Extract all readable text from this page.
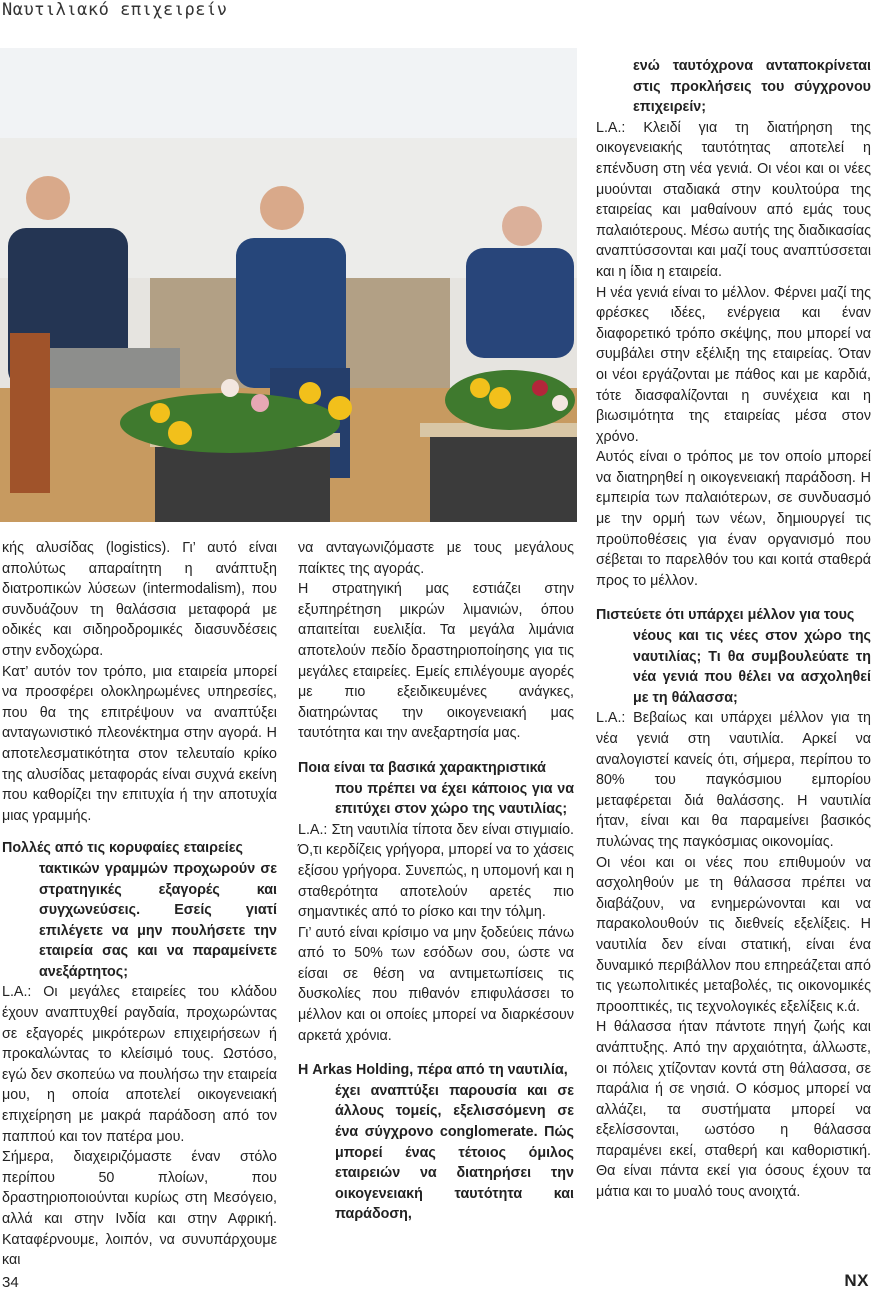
Ναυτιλιακό επιχειρείν

κής αλυσίδας (logistics). Γι’ αυτό είναι απολύτως απαραίτητη η ανάπτυξη διατροπικών λύσεων (intermodalism), που συνδυάζουν τη θαλάσσια μεταφορά με οδικές και σιδηροδρομικές διασυνδέσεις στην ενδοχώρα.

Κατ’ αυτόν τον τρόπο, μια εταιρεία μπορεί να προσφέρει ολοκληρωμένες υπηρεσίες, που θα της επιτρέψουν να αναπτύξει ανταγωνιστικό πλεονέκτημα στην αγορά. Η αποτελεσματικότητα στον τελευταίο κρίκο της αλυσίδας μεταφοράς είναι συχνά εκείνη που καθορίζει την επιτυχία ή την αποτυχία μιας γραμμής.

Πολλές από τις κορυφαίες εταιρείες
τακτικών γραμμών προχωρούν σε στρατηγικές εξαγορές και συγχωνεύσεις. Εσείς γιατί επιλέγετε να μην πουλήσετε την εταιρεία σας και να παραμείνετε ανεξάρτητος;

L.A.: Οι μεγάλες εταιρείες του κλάδου έχουν αναπτυχθεί ραγδαία, προχωρώντας σε εξαγορές μικρότερων επιχειρήσεων ή προκαλώντας το κλείσιμό τους. Ωστόσο, εγώ δεν σκοπεύω να πουλήσω την εταιρεία μου, η οποία αποτελεί οικογενειακή επιχείρηση με μακρά παράδοση από τον παππού και τον πατέρα μου.

Σήμερα, διαχειριζόμαστε έναν στόλο περίπου 50 πλοίων, που δραστηριοποιούνται κυρίως στη Μεσόγειο, αλλά και στην Ινδία και στην Αφρική. Καταφέρνουμε, λοιπόν, να συνυπάρχουμε και

να ανταγωνιζόμαστε με τους μεγάλους παίκτες της αγοράς.

Η στρατηγική μας εστιάζει στην εξυπηρέτηση μικρών λιμανιών, όπου απαιτείται ευελιξία. Τα μεγάλα λιμάνια αποτελούν πεδίο δραστηριοποίησης για τις μεγάλες εταιρείες. Εμείς επιλέγουμε αγορές με πιο εξειδικευμένες ανάγκες, διατηρώντας την οικογενειακή μας ταυτότητα και την ανεξαρτησία μας.

Ποια είναι τα βασικά χαρακτηριστικά
που πρέπει να έχει κάποιος για να επιτύχει στον χώρο της ναυτιλίας;

L.A.: Στη ναυτιλία τίποτα δεν είναι στιγμιαίο. Ό,τι κερδίζεις γρήγορα, μπορεί να το χάσεις εξίσου γρήγορα. Συνεπώς, η υπομονή και η σταθερότητα αποτελούν αρετές πιο σημαντικές από το ρίσκο και την τόλμη.

Γι’ αυτό είναι κρίσιμο να μην ξοδεύεις πάνω από το 50% των εσόδων σου, ώστε να είσαι σε θέση να αντιμετωπίσεις τις δυσκολίες που πιθανόν επιφυλάσσει το μέλλον και οι οποίες μπορεί να διαρκέσουν αρκετά χρόνια.

Η Arkas Holding, πέρα από τη ναυτιλία,
έχει αναπτύξει παρουσία και σε άλλους τομείς, εξελισσόμενη σε ένα σύγχρονο conglomerate. Πώς μπορεί ένας τέτοιος όμιλος εταιρειών να διατηρήσει την οικογενειακή ταυτότητα και παράδοση,

ενώ ταυτόχρονα ανταποκρίνεται στις προκλήσεις του σύγχρονου επιχειρείν;

L.A.: Κλειδί για τη διατήρηση της οικογενειακής ταυτότητας αποτελεί η επένδυση στη νέα γενιά. Οι νέοι και οι νέες μυούνται σταδιακά στην κουλτούρα της εταιρείας και μαθαίνουν από εμάς τους παλαιότερους. Μέσω αυτής της διαδικασίας αναπτύσσονται και μαζί τους αναπτύσσεται και η ίδια η εταιρεία.

Η νέα γενιά είναι το μέλλον. Φέρνει μαζί της φρέσκες ιδέες, ενέργεια και έναν διαφορετικό τρόπο σκέψης, που μπορεί να συμβάλει στην εξέλιξη της εταιρείας. Όταν οι νέοι εργάζονται με πάθος και με καρδιά, τότε διασφαλίζονται η συνέχεια και η βιωσιμότητα της εταιρείας μέσα στον χρόνο.

Αυτός είναι ο τρόπος με τον οποίο μπορεί να διατηρηθεί η οικογενειακή παράδοση. Η εμπειρία των παλαιότερων, σε συνδυασμό με την ορμή των νέων, δημιουργεί τις προϋποθέσεις για έναν οργανισμό που σέβεται το παρελθόν του και κοιτά σταθερά προς το μέλλον.

Πιστεύετε ότι υπάρχει μέλλον για τους
νέους και τις νέες στον χώρο της ναυτιλίας; Τι θα συμβουλεύατε τη νέα γενιά που θέλει να ασχοληθεί με τη θάλασσα;

L.A.: Βεβαίως και υπάρχει μέλλον για τη νέα γενιά στη ναυτιλία. Αρκεί να αναλογιστεί κανείς ότι, σήμερα, περίπου το 80% του παγκόσμιου εμπορίου μεταφέρεται διά θαλάσσης. Η ναυτιλία ήταν, είναι και θα παραμείνει βασικός πυλώνας της παγκόσμιας οικονομίας.

Οι νέοι και οι νέες που επιθυμούν να ασχοληθούν με τη θάλασσα πρέπει να διαβάζουν, να ενημερώνονται και να παρακολουθούν τις διεθνείς εξελίξεις. Η ναυτιλία δεν είναι στατική, είναι ένα δυναμικό περιβάλλον που επηρεάζεται από τις γεωπολιτικές μεταβολές, τις οικονομικές προοπτικές, τις τεχνολογικές εξελίξεις κ.ά.

Η θάλασσα ήταν πάντοτε πηγή ζωής και ανάπτυξης. Από την αρχαιότητα, άλλωστε, οι πόλεις χτίζονταν κοντά στη θάλασσα, σε παράλια ή σε νησιά. Ο κόσμος μπορεί να αλλάζει, τα συστήματα μπορεί να εξελίσσονται, ωστόσο η θάλασσα παραμένει εκεί, σταθερή και καθοριστική. Θα είναι πάντα εκεί για όσους έχουν τα μάτια και το μυαλό τους ανοιχτά.

34	NX
